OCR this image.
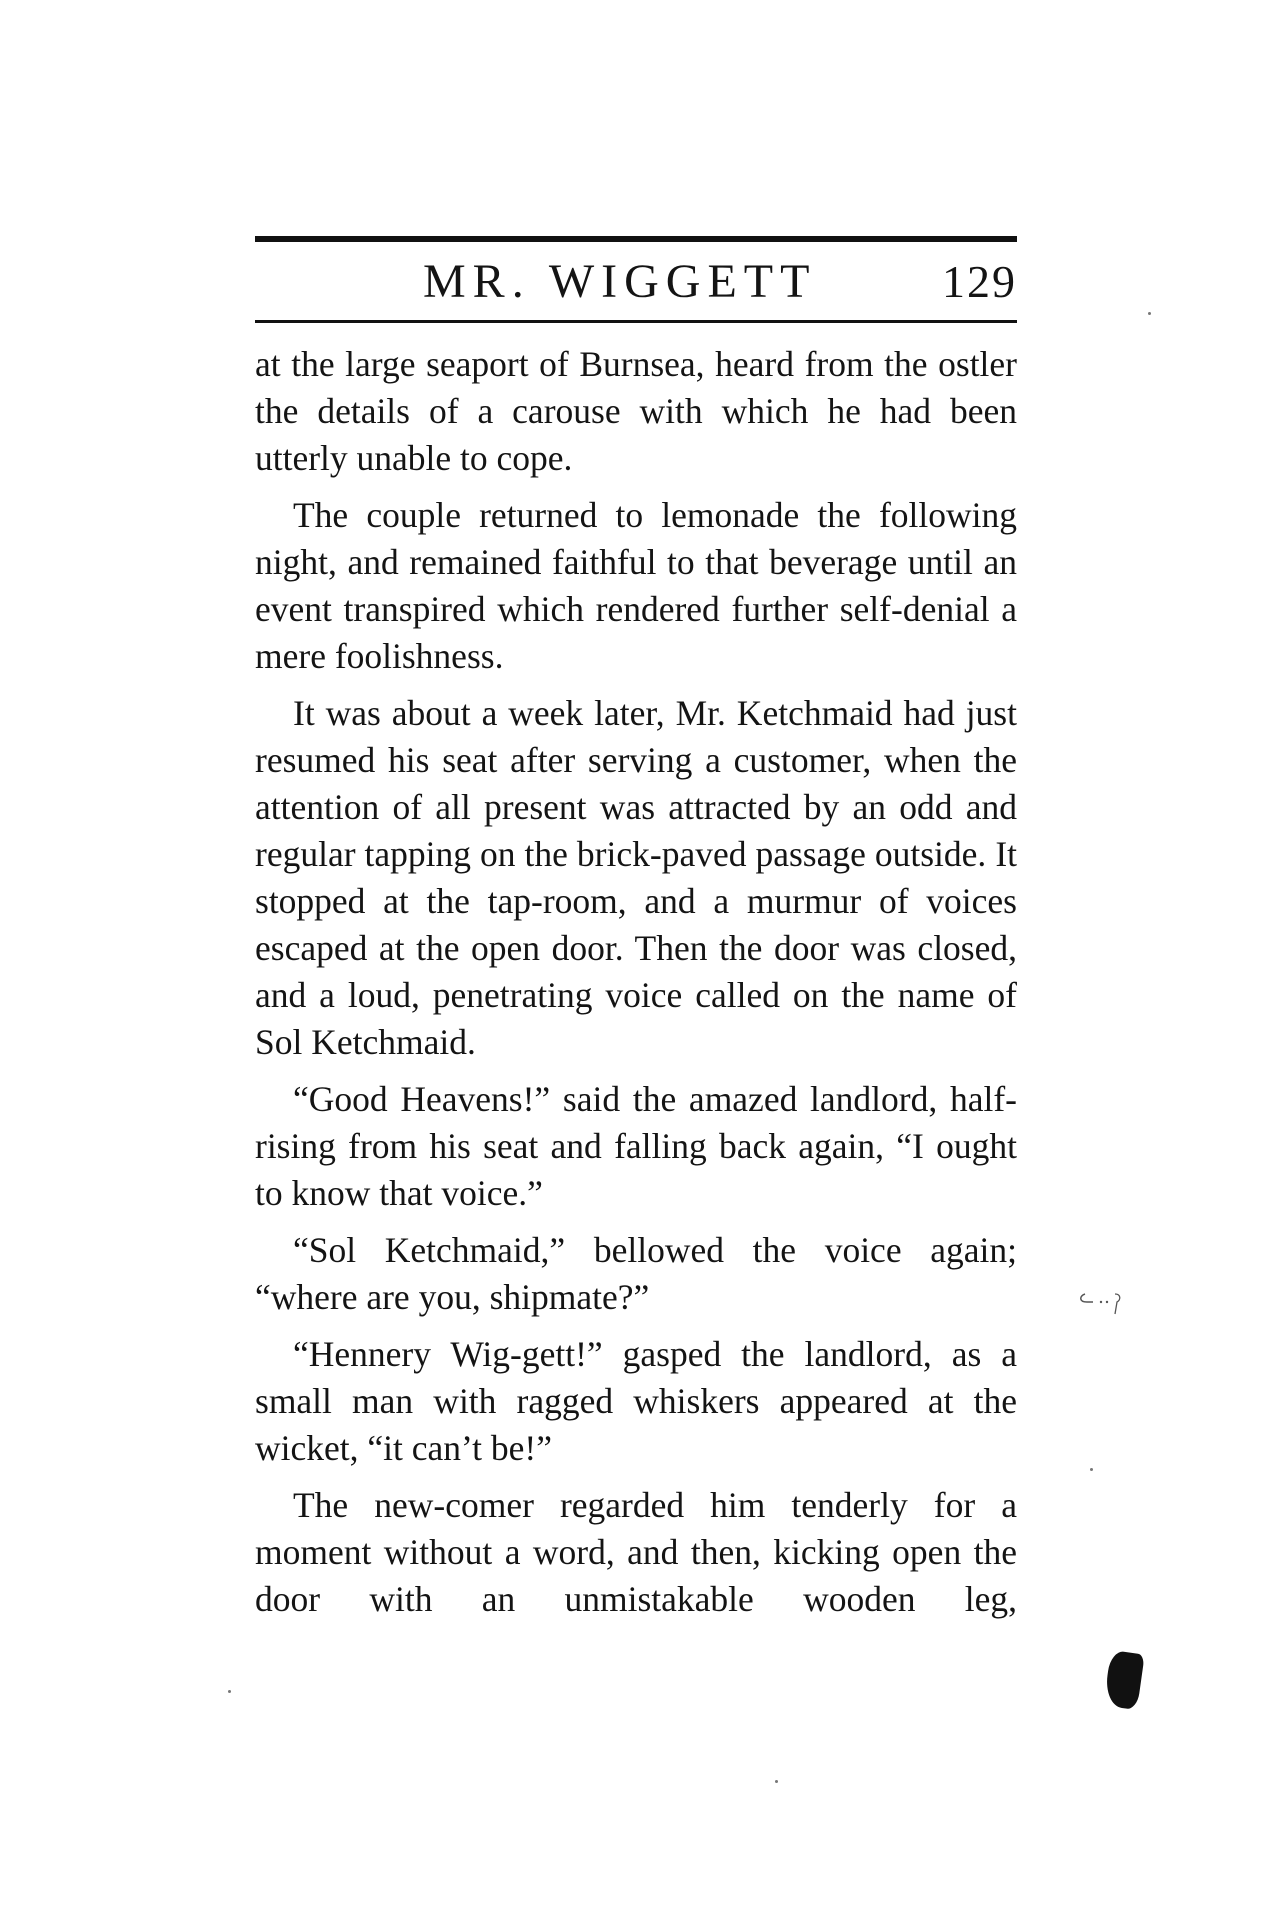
MR. WIGGETT	129

at the large seaport of Burnsea, heard from the ostler the details of a carouse with which he had been utterly unable to cope.

The couple returned to lemonade the following night, and remained faithful to that beverage until an event transpired which rendered further self-denial a mere foolishness.

It was about a week later, Mr. Ketchmaid had just resumed his seat after serving a customer, when the attention of all present was attracted by an odd and regular tapping on the brick-paved passage outside. It stopped at the tap-room, and a murmur of voices escaped at the open door. Then the door was closed, and a loud, penetrating voice called on the name of Sol Ketchmaid.

“Good Heavens!” said the amazed landlord, half-rising from his seat and falling back again, “I ought to know that voice.”

“Sol Ketchmaid,” bellowed the voice again; “where are you, shipmate?”

“Hennery Wig-gett!” gasped the landlord, as a small man with ragged whiskers appeared at the wicket, “it can’t be!”

The new-comer regarded him tenderly for a moment without a word, and then, kicking open the door with an unmistakable wooden leg,
